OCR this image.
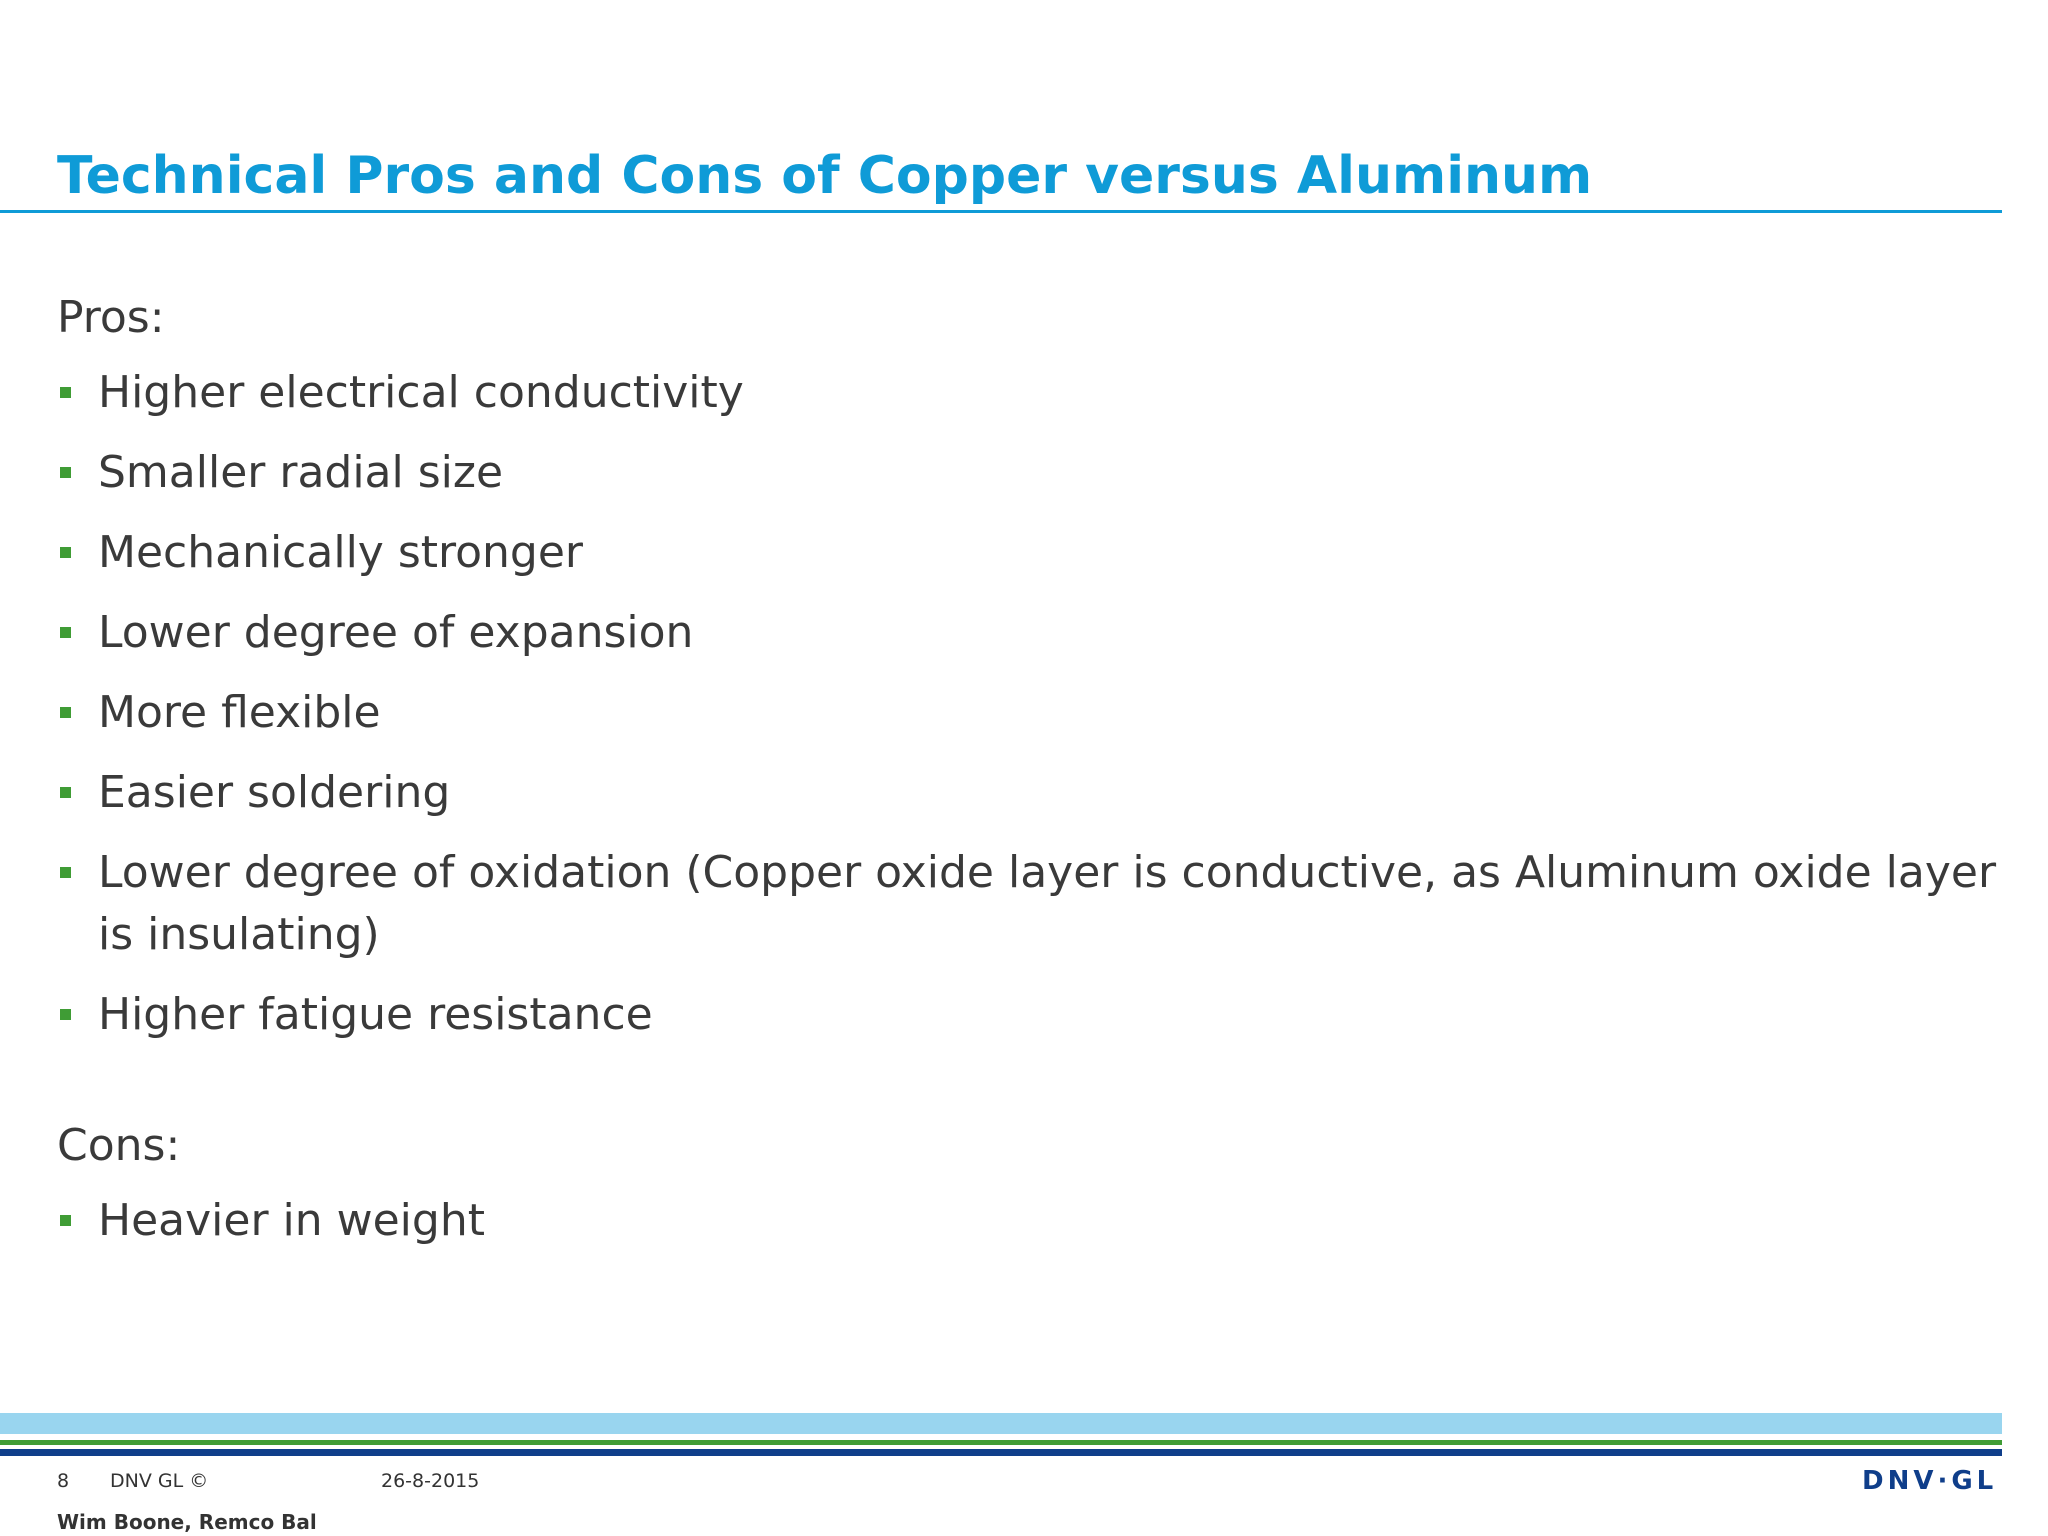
Technical Pros and Cons of Copper versus Aluminum
Pros:
Higher electrical conductivity
Smaller radial size
Mechanically stronger
Lower degree of expansion
More flexible
Easier soldering
Lower degree of oxidation (Copper oxide layer is conductive, as Aluminum oxide layer is insulating)
Higher fatigue resistance
Cons:
Heavier in weight
8 DNV GL ©	26-8-2015
Wim Boone, Remco Bal
DNV·GL
